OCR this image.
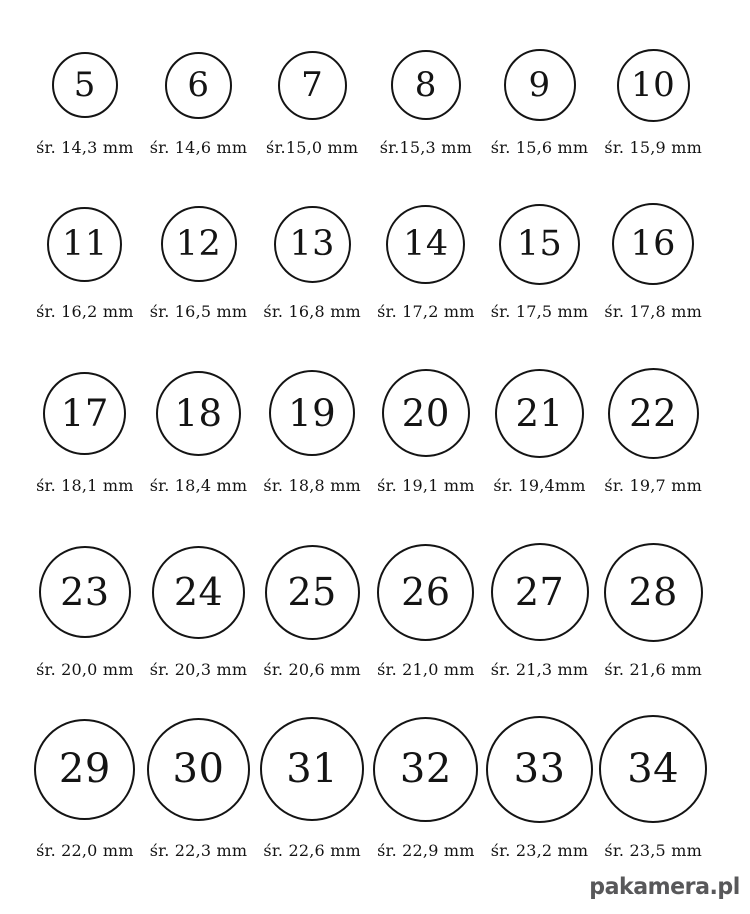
5
śr. 14,3 mm
6
śr. 14,6 mm
7
śr.15,0 mm
8
śr.15,3 mm
9
śr. 15,6 mm
10
śr. 15,9 mm
11
śr. 16,2 mm
12
śr. 16,5 mm
13
śr. 16,8 mm
14
śr. 17,2 mm
15
śr. 17,5 mm
16
śr. 17,8 mm
17
śr. 18,1 mm
18
śr. 18,4 mm
19
śr. 18,8 mm
20
śr. 19,1 mm
21
śr. 19,4mm
22
śr. 19,7 mm
23
śr. 20,0 mm
24
śr. 20,3 mm
25
śr. 20,6 mm
26
śr. 21,0 mm
27
śr. 21,3 mm
28
śr. 21,6 mm
29
śr. 22,0 mm
30
śr. 22,3 mm
31
śr. 22,6 mm
32
śr. 22,9 mm
33
śr. 23,2 mm
34
śr. 23,5 mm
pakamera.pl
